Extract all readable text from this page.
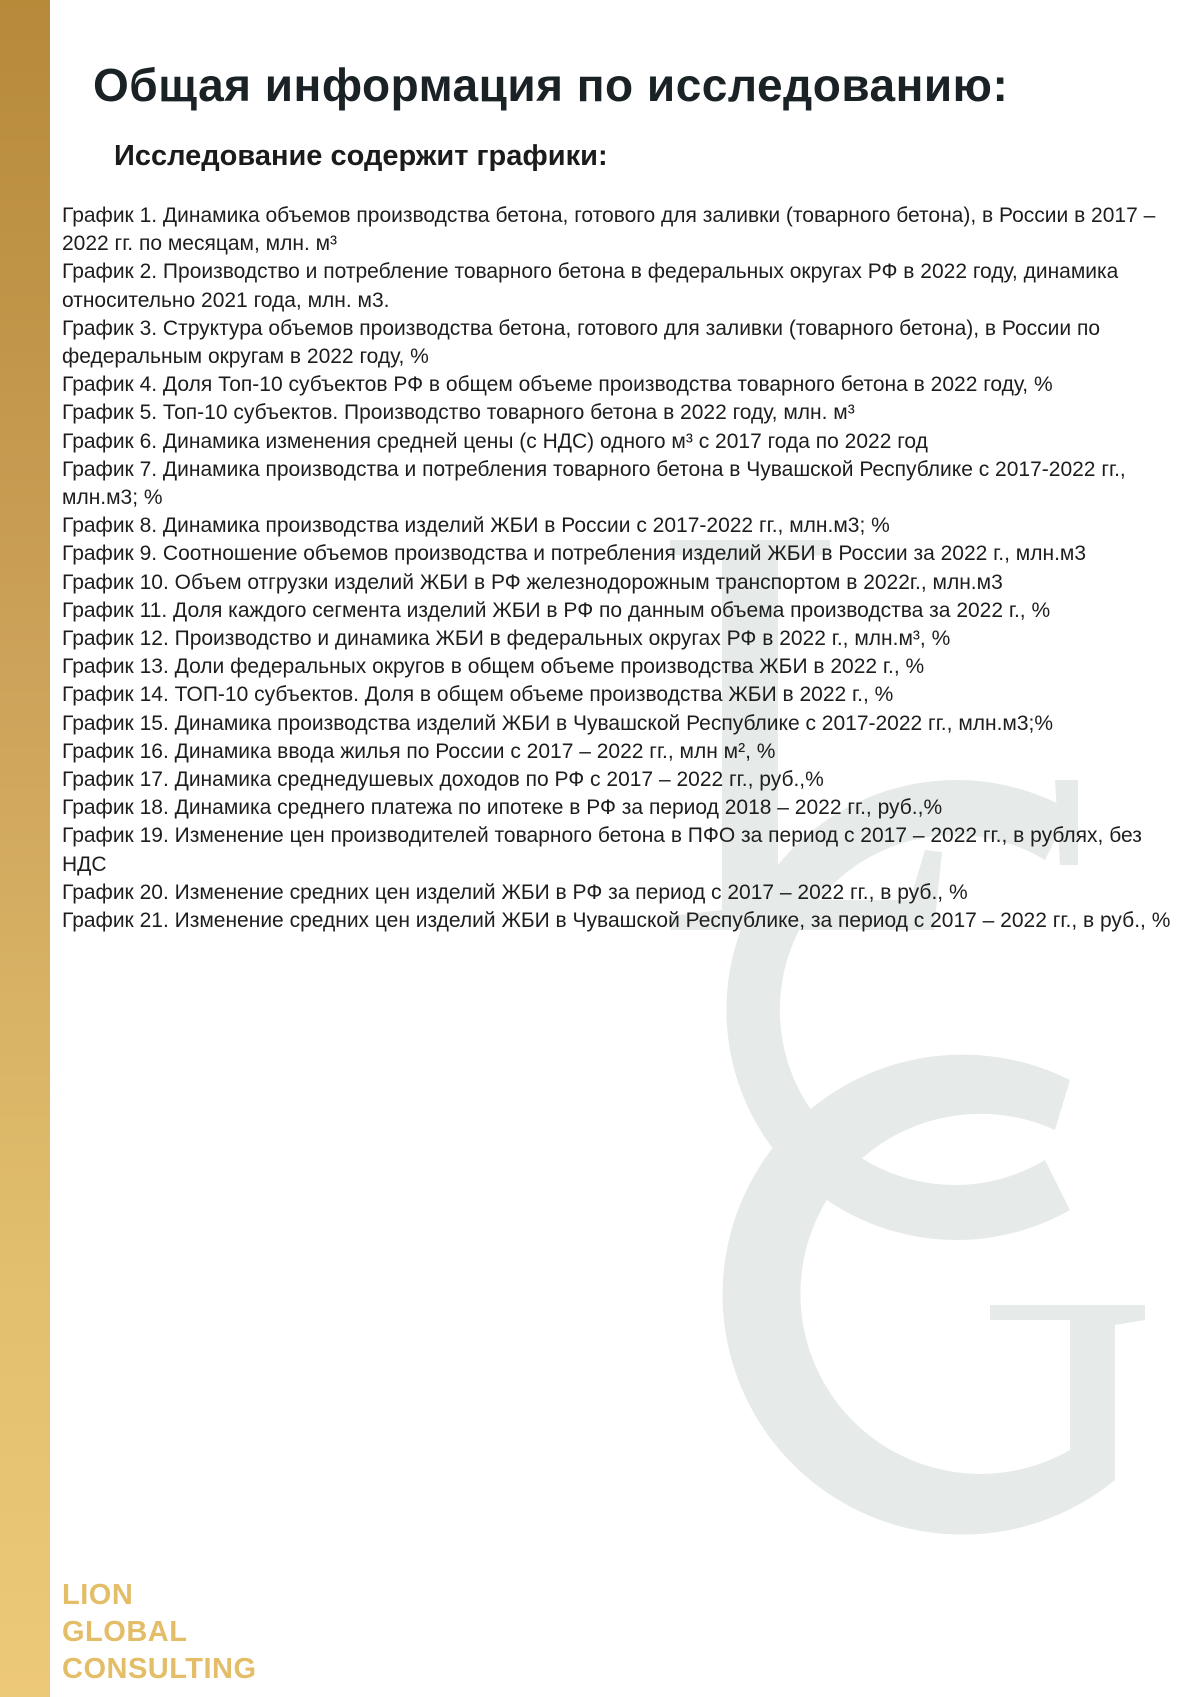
Общая информация по исследованию:
Исследование содержит графики:
График 1. Динамика объемов производства бетона, готового для заливки (товарного бетона), в России в 2017 – 2022 гг. по месяцам, млн. м³
График 2. Производство и потребление товарного бетона в федеральных округах РФ в 2022 году, динамика относительно 2021 года, млн. м3.
График 3. Структура объемов производства бетона, готового для заливки (товарного бетона), в России по федеральным округам в 2022 году, %
График 4. Доля Топ-10 субъектов РФ в общем объеме производства товарного бетона в 2022 году, %
График 5. Топ-10 субъектов. Производство товарного бетона в 2022 году, млн. м³
График 6. Динамика изменения средней цены (с НДС) одного м³ с 2017 года по 2022 год
График 7. Динамика производства и потребления товарного бетона в Чувашской Республике с 2017-2022 гг., млн.м3; %
График 8. Динамика производства изделий ЖБИ в России с 2017-2022 гг., млн.м3; %
График 9. Соотношение объемов производства и потребления изделий ЖБИ в России за 2022 г., млн.м3
График 10. Объем отгрузки изделий ЖБИ в РФ железнодорожным транспортом в 2022г., млн.м3
График 11. Доля каждого сегмента изделий ЖБИ в РФ по данным объема производства за 2022 г., %
График 12. Производство и динамика ЖБИ в федеральных округах РФ в 2022 г., млн.м³, %
График 13. Доли федеральных округов в общем объеме производства ЖБИ в 2022 г., %
График 14. ТОП-10 субъектов. Доля в общем объеме производства ЖБИ в 2022 г., %
График 15. Динамика производства изделий ЖБИ в Чувашской Республике с 2017-2022 гг., млн.м3;%
График 16. Динамика ввода жилья по России с 2017 – 2022 гг., млн м², %
График 17. Динамика среднедушевых доходов по РФ с 2017 – 2022 гг., руб.,%
График 18. Динамика среднего платежа по ипотеке в РФ за период 2018 – 2022 гг., руб.,%
График 19. Изменение цен производителей товарного бетона в ПФО за период с 2017 – 2022 гг., в рублях, без НДС
График 20. Изменение средних цен изделий ЖБИ в РФ за период с 2017 – 2022 гг., в руб., %
График 21. Изменение средних цен изделий ЖБИ в Чувашской Республике, за период с 2017 – 2022 гг., в руб., %
LION
GLOBAL
CONSULTING
